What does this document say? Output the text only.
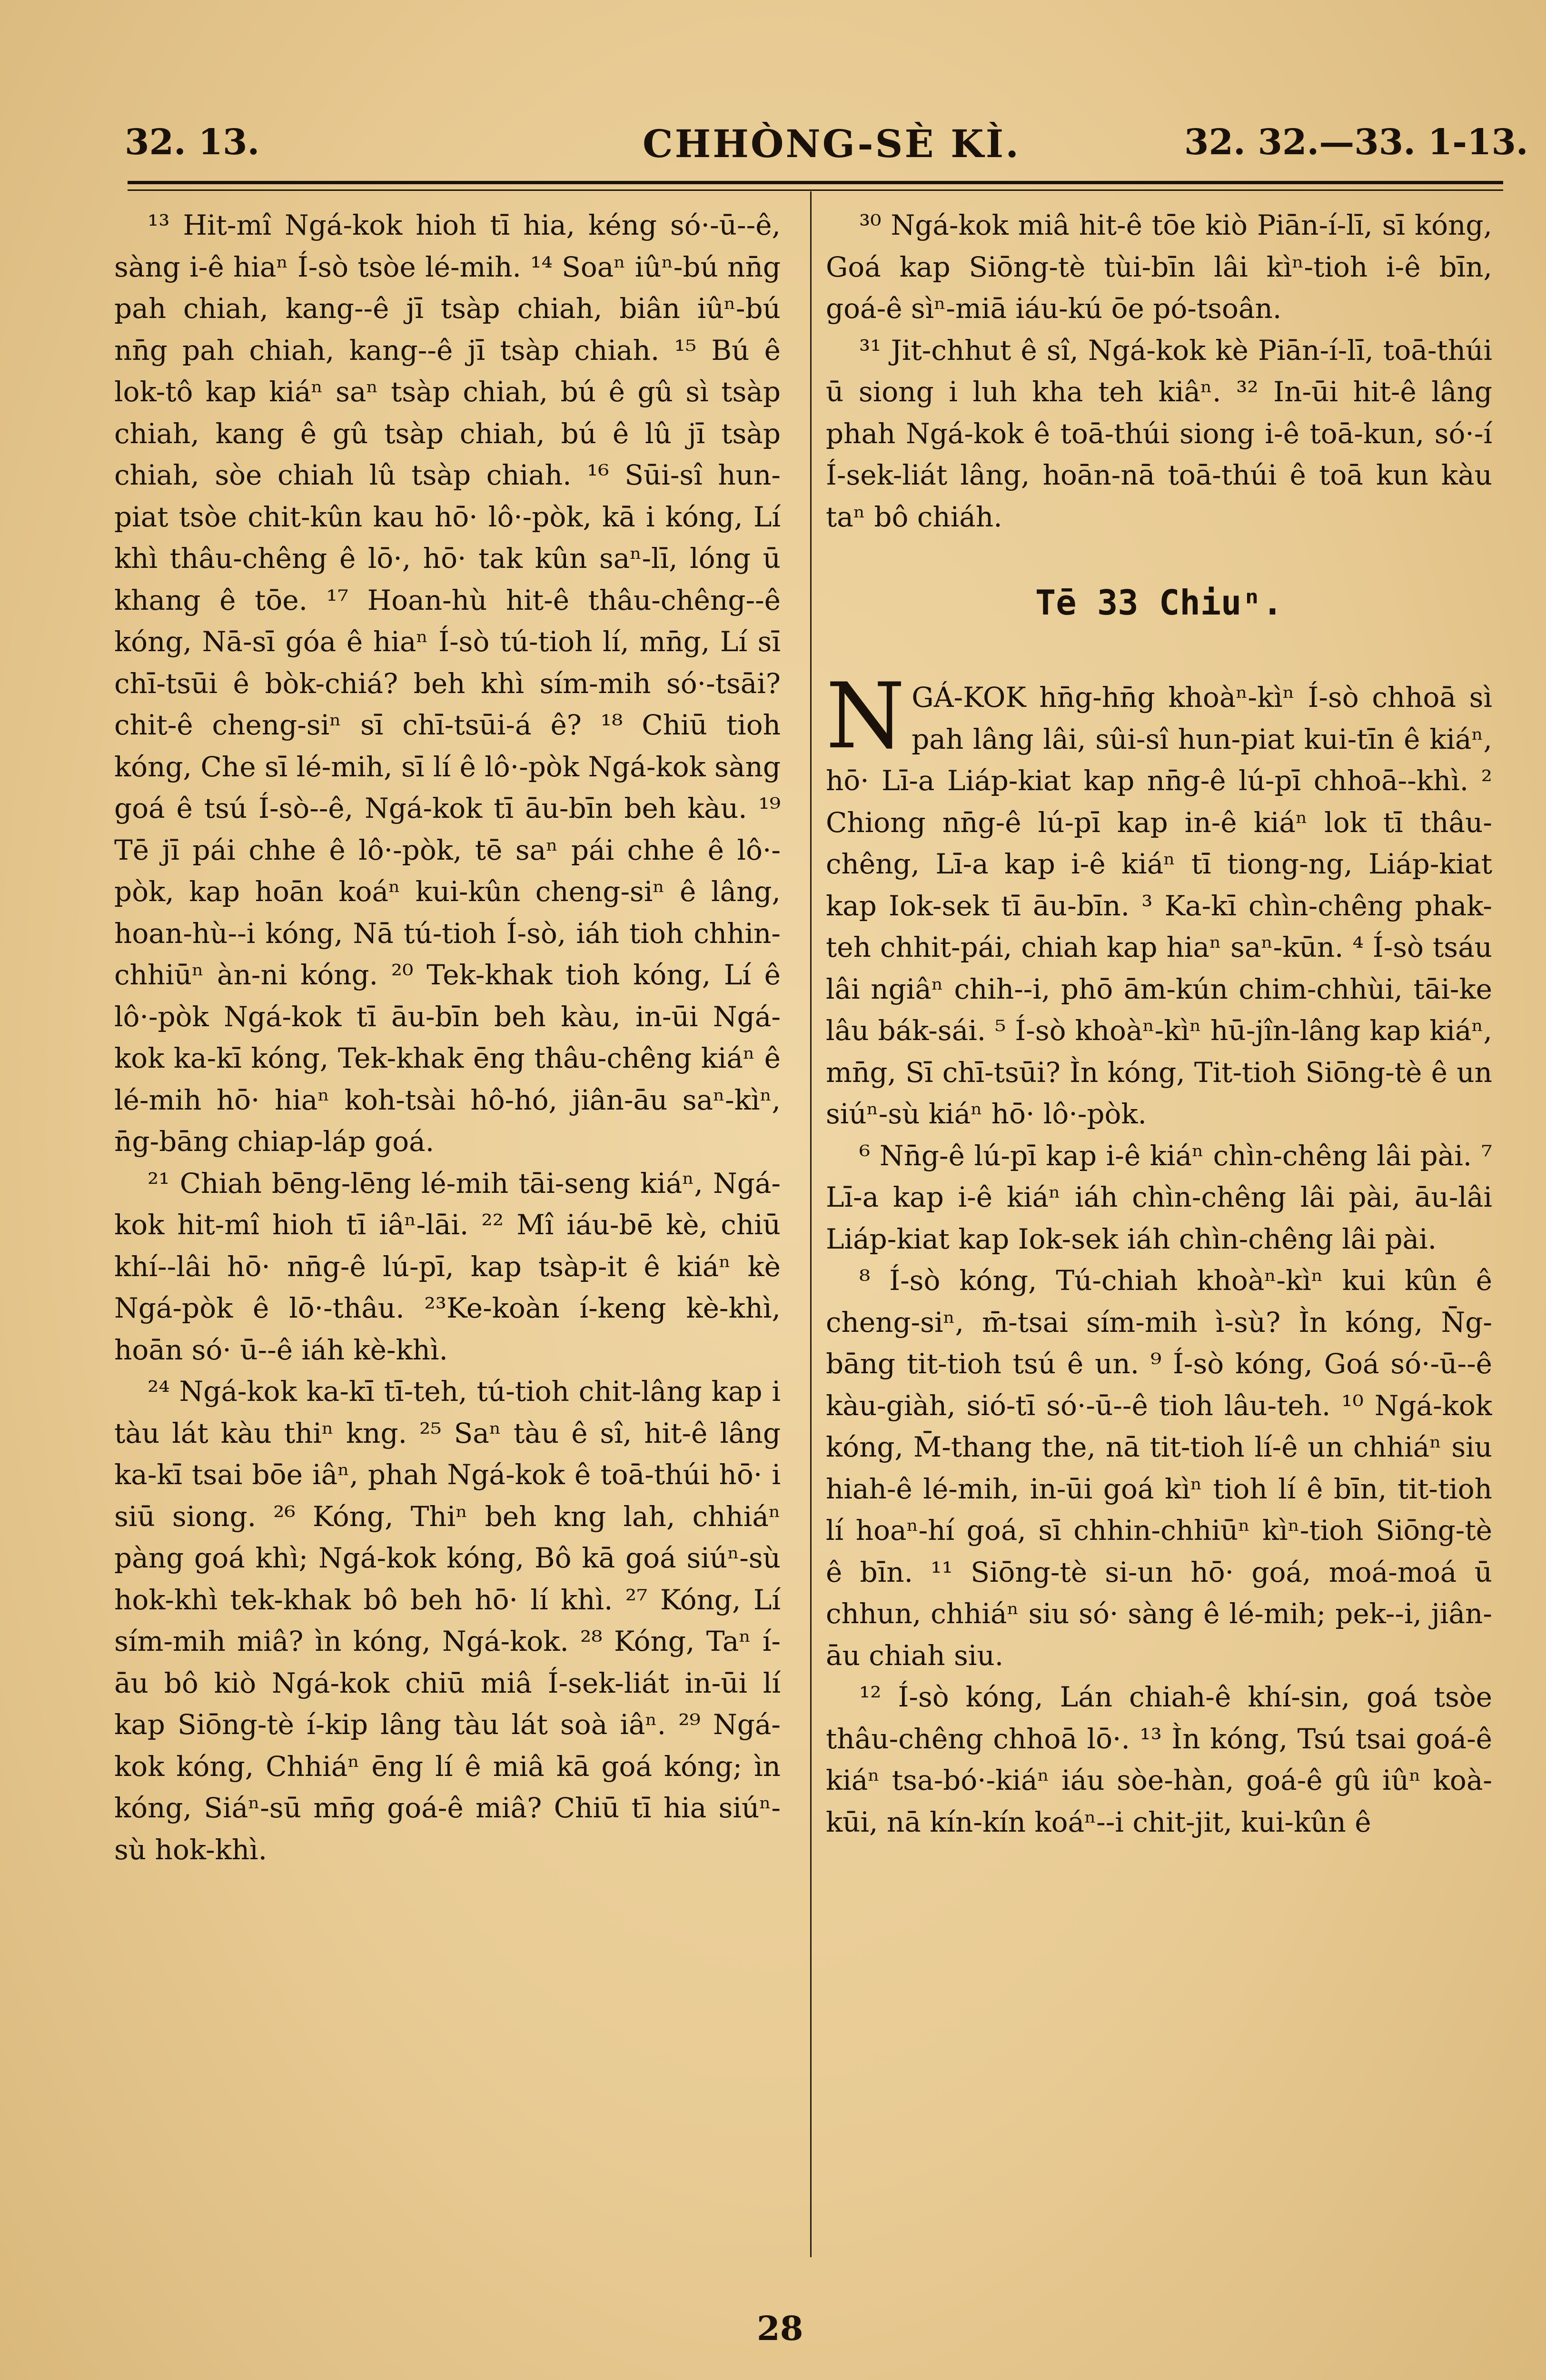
32. 13.	CHHÒNG-SÈ KÌ.	32. 32.—33. 1-13.

¹³ Hit-mî Ngá-kok hioh tī hia, kéng só·-ū--ê, sàng i-ê hiaⁿ Í-sò tsòe lé-mih. ¹⁴ Soaⁿ iûⁿ-bú nn̄g pah chiah, kang--ê jī tsàp chiah, biân iûⁿ-bú nn̄g pah chiah, kang--ê jī tsàp chiah. ¹⁵ Bú ê lok-tô kap kiáⁿ saⁿ tsàp chiah, bú ê gû sì tsàp chiah, kang ê gû tsàp chiah, bú ê lû jī tsàp chiah, sòe chiah lû tsàp chiah. ¹⁶ Sūi-sî hun-piat tsòe chit-kûn kau hō· lô·-pòk, kā i kóng, Lí khì thâu-chêng ê lō·, hō· tak kûn saⁿ-lī, lóng ū khang ê tōe. ¹⁷ Hoan-hù hit-ê thâu-chêng--ê kóng, Nā-sī góa ê hiaⁿ Í-sò tú-tioh lí, mn̄g, Lí sī chī-tsūi ê bòk-chiá? beh khì sím-mih só·-tsāi? chit-ê cheng-siⁿ sī chī-tsūi-á ê? ¹⁸ Chiū tioh kóng, Che sī lé-mih, sī lí ê lô·-pòk Ngá-kok sàng goá ê tsú Í-sò--ê, Ngá-kok tī āu-bīn beh kàu. ¹⁹ Tē jī pái chhe ê lô·-pòk, tē saⁿ pái chhe ê lô·-pòk, kap hoān koáⁿ kui-kûn cheng-siⁿ ê lâng, hoan-hù--i kóng, Nā tú-tioh Í-sò, iáh tioh chhin-chhiūⁿ àn-ni kóng. ²⁰ Tek-khak tioh kóng, Lí ê lô·-pòk Ngá-kok tī āu-bīn beh kàu, in-ūi Ngá-kok ka-kī kóng, Tek-khak ēng thâu-chêng kiáⁿ ê lé-mih hō· hiaⁿ koh-tsài hô-hó, jiân-āu saⁿ-kìⁿ, n̄g-bāng chiap-láp goá.

²¹ Chiah bēng-lēng lé-mih tāi-seng kiáⁿ, Ngá-kok hit-mî hioh tī iâⁿ-lāi. ²² Mî iáu-bē kè, chiū khí--lâi hō· nn̄g-ê lú-pī, kap tsàp-it ê kiáⁿ kè Ngá-pòk ê lō·-thâu. ²³Ke-koàn í-keng kè-khì, hoān só· ū--ê iáh kè-khì.

²⁴ Ngá-kok ka-kī tī-teh, tú-tioh chit-lâng kap i tàu lát kàu thiⁿ kng. ²⁵ Saⁿ tàu ê sî, hit-ê lâng ka-kī tsai bōe iâⁿ, phah Ngá-kok ê toā-thúi hō· i siū siong. ²⁶ Kóng, Thiⁿ beh kng lah, chhiáⁿ pàng goá khì; Ngá-kok kóng, Bô kā goá siúⁿ-sù hok-khì tek-khak bô beh hō· lí khì. ²⁷ Kóng, Lí sím-mih miâ? ìn kóng, Ngá-kok. ²⁸ Kóng, Taⁿ í-āu bô kiò Ngá-kok chiū miâ Í-sek-liát in-ūi lí kap Siōng-tè í-kip lâng tàu lát soà iâⁿ. ²⁹ Ngá-kok kóng, Chhiáⁿ ēng lí ê miâ kā goá kóng; ìn kóng, Siáⁿ-sū mn̄g goá-ê miâ? Chiū tī hia siúⁿ-sù hok-khì.

³⁰ Ngá-kok miâ hit-ê tōe kiò Piān-í-lī, sī kóng, Goá kap Siōng-tè tùi-bīn lâi kìⁿ-tioh i-ê bīn, goá-ê sìⁿ-miā iáu-kú ōe pó-tsoân.

³¹ Jit-chhut ê sî, Ngá-kok kè Piān-í-lī, toā-thúi ū siong i luh kha teh kiâⁿ. ³² In-ūi hit-ê lâng phah Ngá-kok ê toā-thúi siong i-ê toā-kun, só·-í Í-sek-liát lâng, hoān-nā toā-thúi ê toā kun kàu taⁿ bô chiáh.

Tē 33 Chiuⁿ.

NGÁ-KOK hn̄g-hn̄g khoàⁿ-kìⁿ Í-sò chhoā sì pah lâng lâi, sûi-sî hun-piat kui-tīn ê kiáⁿ, hō· Lī-a Liáp-kiat kap nn̄g-ê lú-pī chhoā--khì. ² Chiong nn̄g-ê lú-pī kap in-ê kiáⁿ lok tī thâu-chêng, Lī-a kap i-ê kiáⁿ tī tiong-ng, Liáp-kiat kap Iok-sek tī āu-bīn. ³ Ka-kī chìn-chêng phak-teh chhit-pái, chiah kap hiaⁿ saⁿ-kūn. ⁴ Í-sò tsáu lâi ngiâⁿ chih--i, phō ām-kún chim-chhùi, tāi-ke lâu bák-sái. ⁵ Í-sò khoàⁿ-kìⁿ hū-jîn-lâng kap kiáⁿ, mn̄g, Sī chī-tsūi? Ìn kóng, Tit-tioh Siōng-tè ê un siúⁿ-sù kiáⁿ hō· lô·-pòk.

⁶ Nn̄g-ê lú-pī kap i-ê kiáⁿ chìn-chêng lâi pài. ⁷ Lī-a kap i-ê kiáⁿ iáh chìn-chêng lâi pài, āu-lâi Liáp-kiat kap Iok-sek iáh chìn-chêng lâi pài.

⁸ Í-sò kóng, Tú-chiah khoàⁿ-kìⁿ kui kûn ê cheng-siⁿ, m̄-tsai sím-mih ì-sù? Ìn kóng, N̄g-bāng tit-tioh tsú ê un. ⁹ Í-sò kóng, Goá só·-ū--ê kàu-giàh, sió-tī só·-ū--ê tioh lâu-teh. ¹⁰ Ngá-kok kóng, M̄-thang the, nā tit-tioh lí-ê un chhiáⁿ siu hiah-ê lé-mih, in-ūi goá kìⁿ tioh lí ê bīn, tit-tioh lí hoaⁿ-hí goá, sī chhin-chhiūⁿ kìⁿ-tioh Siōng-tè ê bīn. ¹¹ Siōng-tè si-un hō· goá, moá-moá ū chhun, chhiáⁿ siu só· sàng ê lé-mih; pek--i, jiân-āu chiah siu.

¹² Í-sò kóng, Lán chiah-ê khí-sin, goá tsòe thâu-chêng chhoā lō·. ¹³ Ìn kóng, Tsú tsai goá-ê kiáⁿ tsa-bó·-kiáⁿ iáu sòe-hàn, goá-ê gû iûⁿ koà-kūi, nā kín-kín koáⁿ--i chit-jit, kui-kûn ê

28
